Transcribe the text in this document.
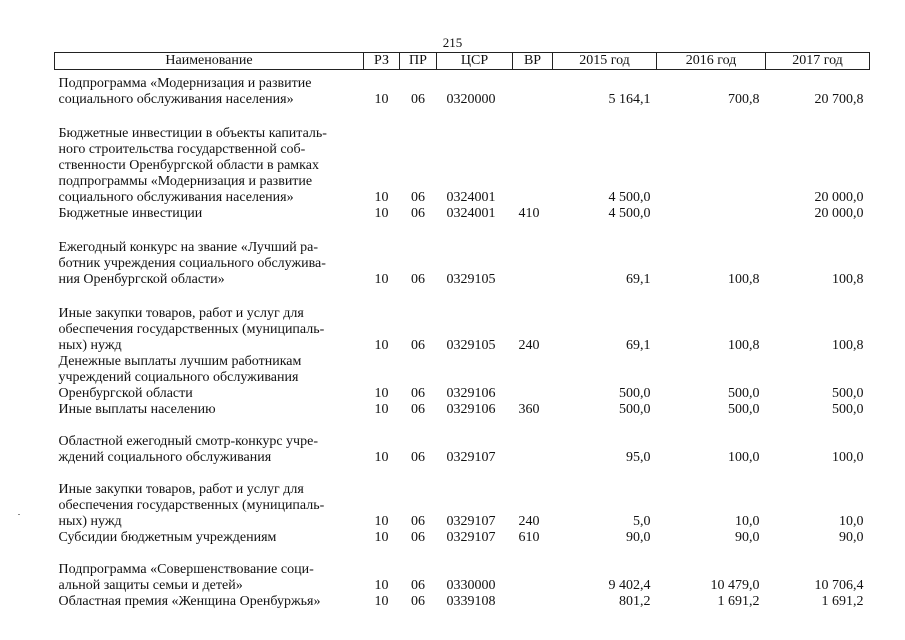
215
Наименование	РЗ	ПР	ЦСР	ВР	2015 год	2016 год	2017 год

Подпрограмма «Модернизация и развитие
социального обслуживания населения»	10	06	0320000		5 164,1	700,8	20 700,8

Бюджетные инвестиции в объекты капиталь-
ного строительства государственной соб-
ственности Оренбургской области в рамках
подпрограммы «Модернизация и развитие
социального обслуживания населения»	10	06	0324001		4 500,0		20 000,0

Бюджетные инвестиции	10	06	0324001	410	4 500,0		20 000,0

Ежегодный конкурс на звание «Лучший ра-
ботник учреждения социального обслужива-
ния Оренбургской области»	10	06	0329105		69,1	100,8	100,8

Иные закупки товаров, работ и услуг для
обеспечения государственных (муниципаль-
ных) нужд	10	06	0329105	240	69,1	100,8	100,8

Денежные выплаты лучшим работникам
учреждений социального обслуживания
Оренбургской области	10	06	0329106		500,0	500,0	500,0

Иные выплаты населению	10	06	0329106	360	500,0	500,0	500,0

Областной ежегодный смотр-конкурс учре-
ждений социального обслуживания	10	06	0329107		95,0	100,0	100,0

Иные закупки товаров, работ и услуг для
обеспечения государственных (муниципаль-
ных) нужд	10	06	0329107	240	5,0	10,0	10,0

Субсидии бюджетным учреждениям	10	06	0329107	610	90,0	90,0	90,0

Подпрограмма «Совершенствование соци-
альной защиты семьи и детей»	10	06	0330000		9 402,4	10 479,0	10 706,4

Областная премия «Женщина Оренбуржья»	10	06	0339108		801,2	1 691,2	1 691,2
